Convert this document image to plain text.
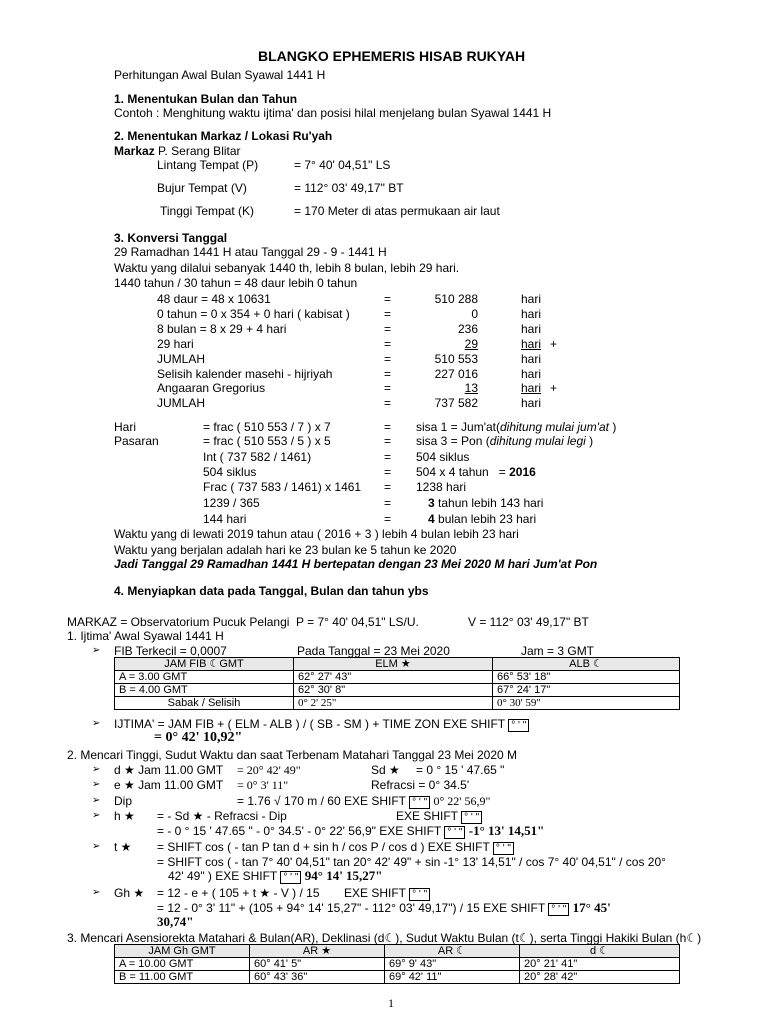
BLANGKO EPHEMERIS HISAB RUKYAH
Perhitungan Awal Bulan Syawal 1441 H
1. Menentukan Bulan dan Tahun
Contoh : Menghitung waktu ijtima' dan posisi hilal menjelang bulan Syawal 1441 H
2. Menentukan Markaz / Lokasi Ru'yah
Markaz P. Serang Blitar
Lintang Tempat (P)	= 7° 40' 04,51" LS
Bujur Tempat (V)	= 112° 03' 49,17" BT
Tinggi Tempat (K)	= 170 Meter di atas permukaan air laut
3. Konversi Tanggal
29 Ramadhan 1441 H atau Tanggal 29 - 9 - 1441 H
Waktu yang dilalui sebanyak 1440 th, lebih 8 bulan, lebih 29 hari.
1440 tahun / 30 tahun = 48 daur lebih 0 tahun
48 daur = 48 x 10631	=	510 288	hari
0 tahun = 0 x 354 + 0 hari ( kabisat )	=	0	hari
8 bulan = 8 x 29 + 4 hari	=	236	hari
29 hari	=	29	hari +
JUMLAH	=	510 553	hari
Selisih kalender masehi - hijriyah	=	227 016	hari
Angaaran Gregorius	=	13	hari +
JUMLAH	=	737 582	hari
Hari	= frac ( 510 553 / 7 ) x 7	= sisa 1 = Jum'at(dihitung mulai jum'at )
Pasaran	= frac ( 510 553 / 5 ) x 5	= sisa 3 = Pon (dihitung mulai legi )
Int ( 737 582 / 1461)	= 504 siklus
504 siklus	= 504 x 4 tahun = 2016
Frac ( 737 583 / 1461) x 1461 = 1238 hari
1239 / 365	=	3 tahun lebih 143 hari
144 hari	=	4 bulan lebih 23 hari
Waktu yang di lewati 2019 tahun atau ( 2016 + 3 ) lebih 4 bulan lebih 23 hari
Waktu yang berjalan adalah hari ke 23 bulan ke 5 tahun ke 2020
Jadi Tanggal 29 Ramadhan 1441 H bertepatan dengan 23 Mei 2020 M hari Jum'at Pon
4. Menyiapkan data pada Tanggal, Bulan dan tahun ybs
MARKAZ = Observatorium Pucuk Pelangi P = 7° 40' 04,51" LS/U.	V = 112° 03' 49,17" BT
1. Ijtima' Awal Syawal 1441 H
➢ FIB Terkecil = 0,0007	Pada Tanggal = 23 Mei 2020	Jam = 3 GMT
JAM FIB ☾GMT	ELM ★	ALB ☾
A = 3.00 GMT	62° 27' 43"	66° 53' 18"
B = 4.00 GMT	62° 30' 8"	67° 24' 17"
Sabak / Selisih	0° 2' 25"	0° 30' 59"
➢ IJTIMA' = JAM FIB + ( ELM - ALB ) / ( SB - SM ) + TIME ZON EXE SHIFT ° ' "
= 0° 42' 10,92"
2. Mencari Tinggi, Sudut Waktu dan saat Terbenam Matahari Tanggal 23 Mei 2020 M
➢ d ★ Jam 11.00 GMT = 20° 42' 49"	Sd ★ = 0 ° 15 ' 47.65 "
➢ e ★ Jam 11.00 GMT = 0° 3' 11"	Refracsi = 0° 34.5'
➢ Dip	= 1.76 √ 170 m / 60 EXE SHIFT ° ' " 0° 22' 56,9"
➢ h ★ = - Sd ★ - Refracsi - Dip	EXE SHIFT ° ' "
= - 0 ° 15 ' 47.65 " - 0° 34.5' - 0° 22' 56,9" EXE SHIFT ° ' " -1° 13' 14,51"
➢ t ★ = SHIFT cos ( - tan P tan d + sin h / cos P / cos d ) EXE SHIFT ° ' "
= SHIFT cos ( - tan 7° 40' 04,51" tan 20° 42' 49" + sin -1° 13' 14,51" / cos 7° 40' 04,51" / cos 20°
42' 49" ) EXE SHIFT ° ' " 94° 14' 15,27"
➢ Gh ★ = 12 - e + ( 105 + t ★ - V ) / 15 EXE SHIFT ° ' "
= 12 - 0° 3' 11" + (105 + 94° 14' 15,27" - 112° 03' 49,17") / 15 EXE SHIFT ° ' " 17° 45'
30,74"
3. Mencari Asensiorekta Matahari & Bulan(AR), Deklinasi (d☾), Sudut Waktu Bulan (t☾), serta Tinggi Hakiki Bulan (h☾)
JAM Gh GMT	AR ★	AR ☾	d ☾
A = 10.00 GMT	60° 41' 5"	69° 9' 43"	20° 21' 41"
B = 11.00 GMT	60° 43' 36"	69° 42' 11"	20° 28' 42"
1
